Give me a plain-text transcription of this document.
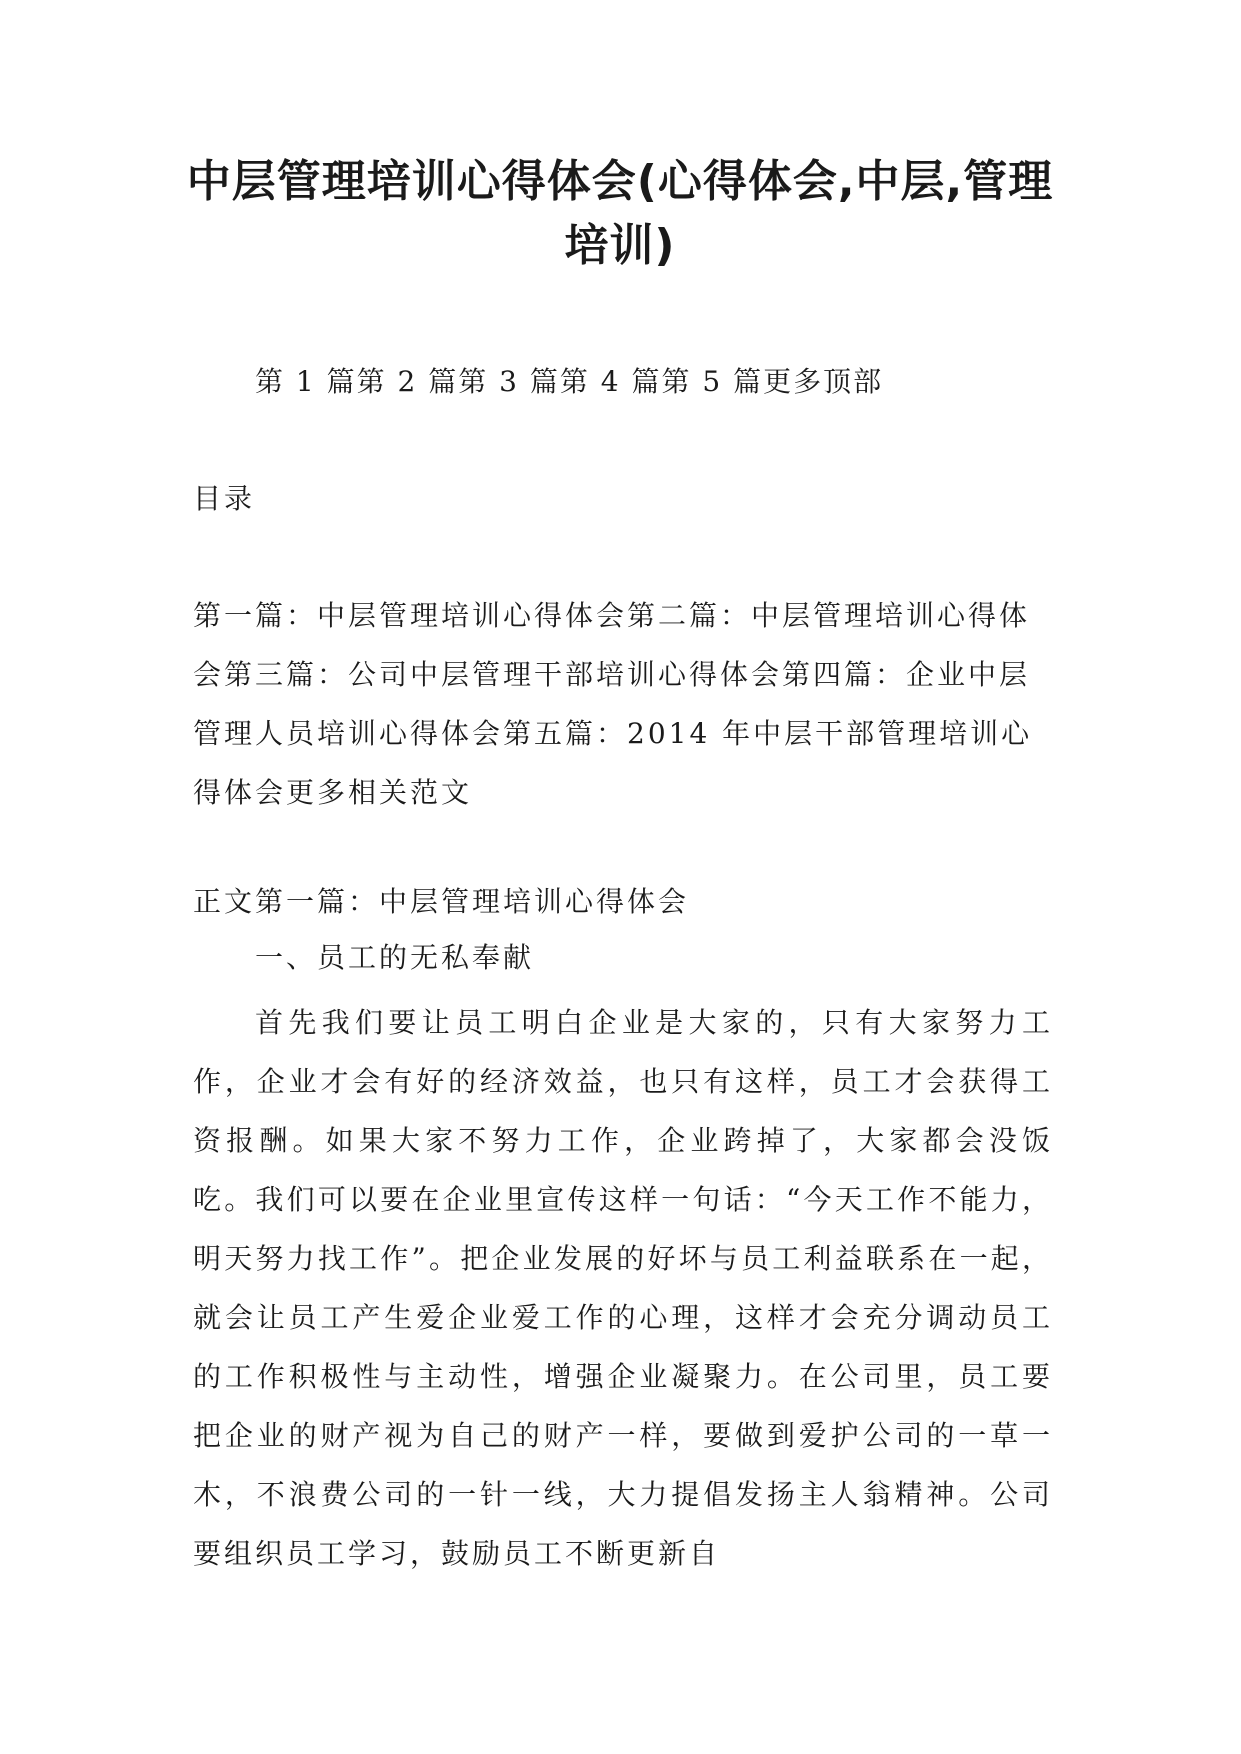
中层管理培训心得体会(心得体会,中层,管理培训)
第 1 篇第 2 篇第 3 篇第 4 篇第 5 篇更多顶部
目录
第一篇：中层管理培训心得体会第二篇：中层管理培训心得体会第三篇：公司中层管理干部培训心得体会第四篇：企业中层管理人员培训心得体会第五篇：2014 年中层干部管理培训心得体会更多相关范文
正文第一篇：中层管理培训心得体会
一、员工的无私奉献
首先我们要让员工明白企业是大家的，只有大家努力工作，企业才会有好的经济效益，也只有这样，员工才会获得工资报酬。如果大家不努力工作，企业跨掉了，大家都会没饭吃。我们可以要在企业里宣传这样一句话：“今天工作不能力，明天努力找工作”。把企业发展的好坏与员工利益联系在一起，就会让员工产生爱企业爱工作的心理，这样才会充分调动员工的工作积极性与主动性，增强企业凝聚力。在公司里，员工要把企业的财产视为自己的财产一样，要做到爱护公司的一草一木，不浪费公司的一针一线，大力提倡发扬主人翁精神。公司要组织员工学习，鼓励员工不断更新自
